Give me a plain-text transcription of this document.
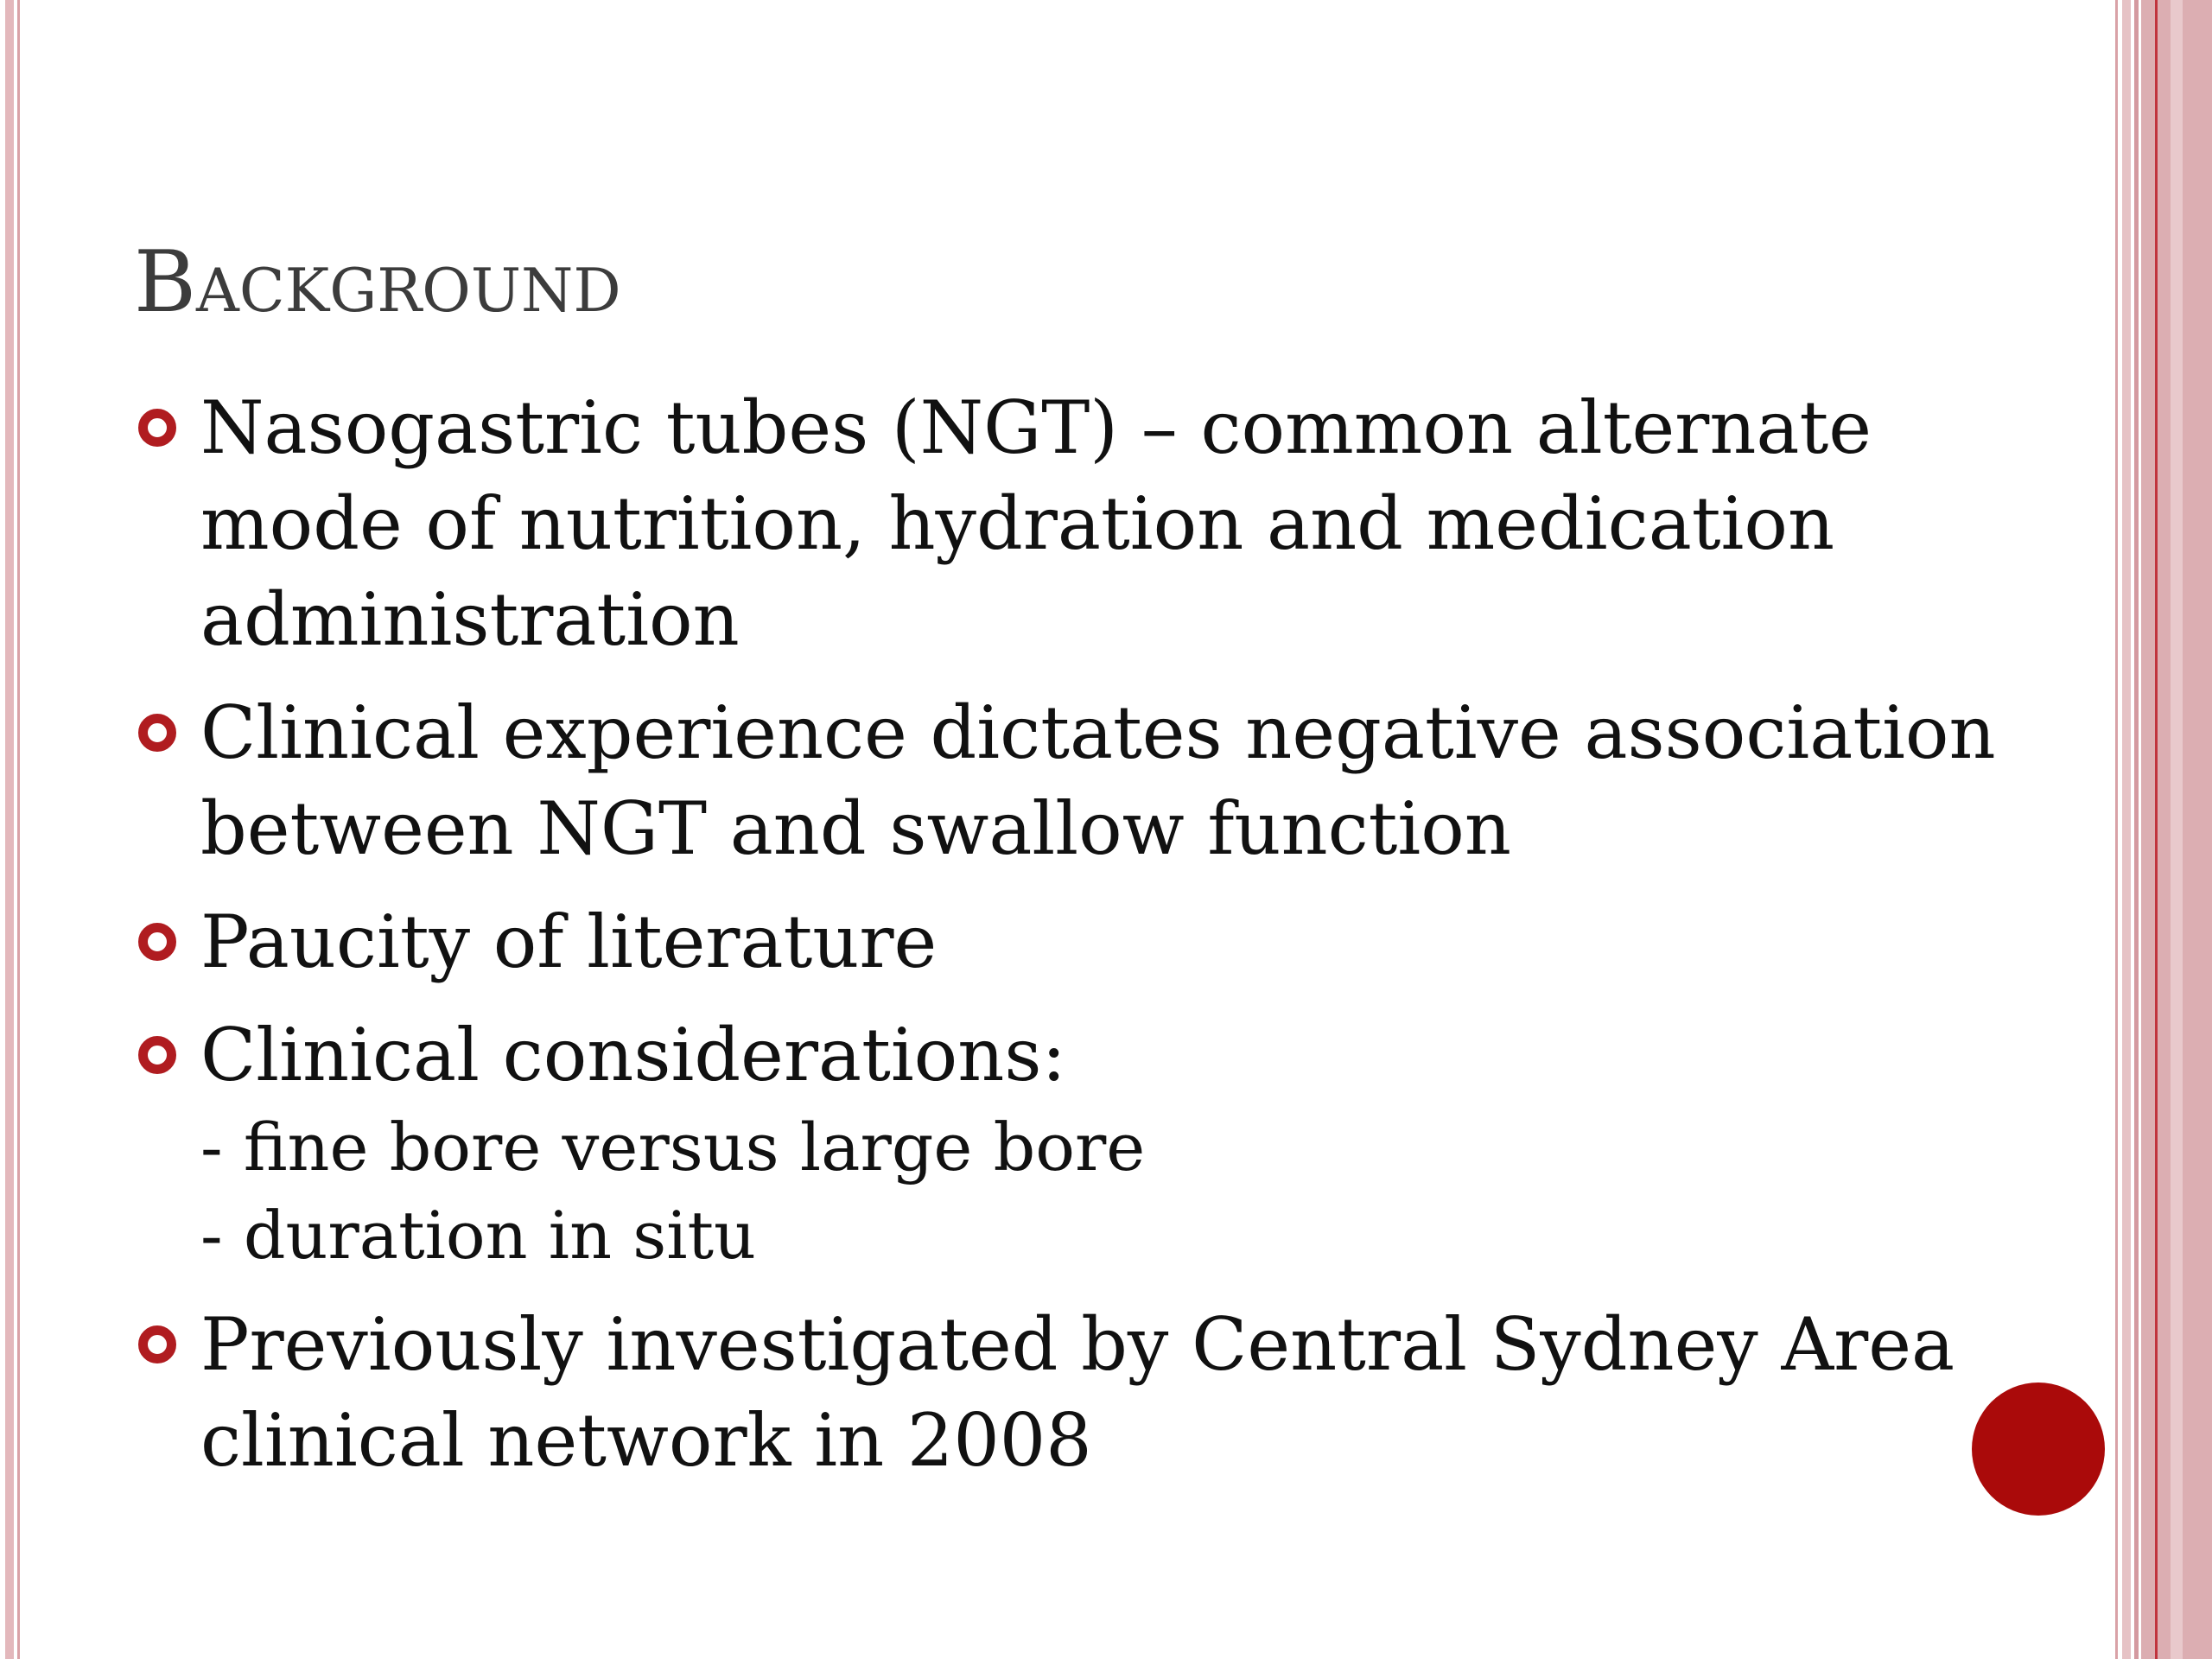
Background
Nasogastric tubes (NGT) – common alternate mode of nutrition, hydration and medication administration
Clinical experience dictates negative association between NGT and swallow function
Paucity of literature
Clinical considerations:
- fine bore versus large bore
- duration in situ
Previously investigated by Central Sydney Area clinical network in 2008
